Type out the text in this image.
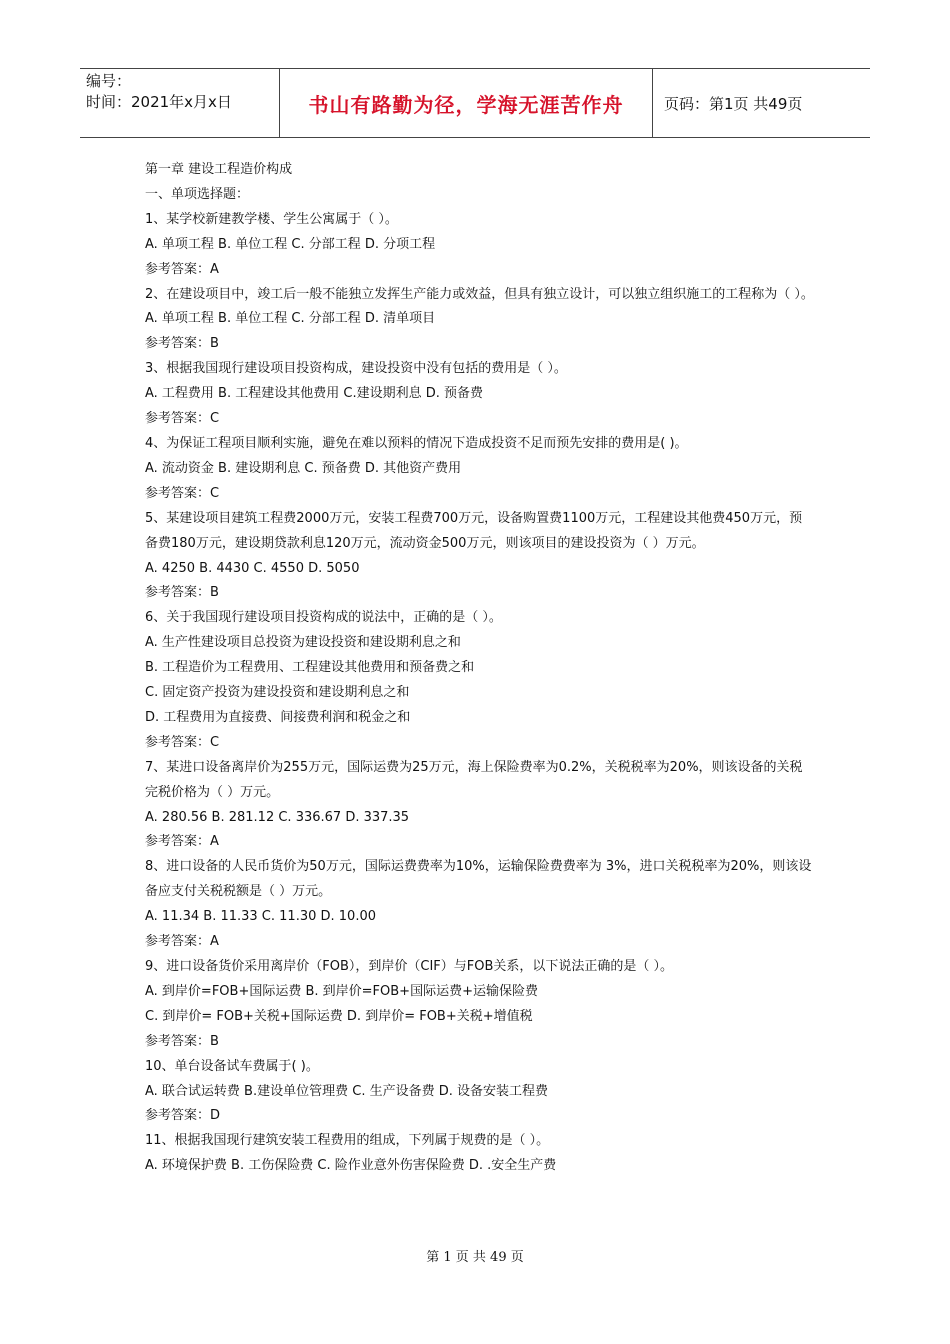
编号：
时间：2021年x月x日	书山有路勤为径，学海无涯苦作舟	页码：第1页 共49页
第一章 建设工程造价构成
一、单项选择题：
1、某学校新建教学楼、学生公寓属于（ ）。
A. 单项工程 B. 单位工程 C. 分部工程 D. 分项工程
参考答案：A
2、在建设项目中，竣工后一般不能独立发挥生产能力或效益，但具有独立设计，可以独立组织施工的工程称为（ ）。
A. 单项工程 B. 单位工程 C. 分部工程 D. 清单项目
参考答案：B
3、根据我国现行建设项目投资构成，建设投资中没有包括的费用是（ ）。
A. 工程费用 B. 工程建设其他费用 C.建设期利息 D. 预备费
参考答案：C
4、为保证工程项目顺利实施，避免在难以预料的情况下造成投资不足而预先安排的费用是( )。
A. 流动资金 B. 建设期利息 C. 预备费 D. 其他资产费用
参考答案：C
5、某建设项目建筑工程费2000万元，安装工程费700万元，设备购置费1100万元，工程建设其他费450万元，预备费180万元，建设期贷款利息120万元，流动资金500万元，则该项目的建设投资为（ ）万元。
A. 4250 B. 4430 C. 4550 D. 5050
参考答案：B
6、关于我国现行建设项目投资构成的说法中，正确的是（ ）。
A. 生产性建设项目总投资为建设投资和建设期利息之和
B. 工程造价为工程费用、工程建设其他费用和预备费之和
C. 固定资产投资为建设投资和建设期利息之和
D. 工程费用为直接费、间接费利润和税金之和
参考答案：C
7、某进口设备离岸价为255万元，国际运费为25万元，海上保险费率为0.2%，关税税率为20%，则该设备的关税完税价格为（ ）万元。
A. 280.56 B. 281.12 C. 336.67 D. 337.35
参考答案：A
8、进口设备的人民币货价为50万元，国际运费费率为10%，运输保险费费率为 3%，进口关税税率为20%，则该设备应支付关税税额是（ ）万元。
A. 11.34 B. 11.33 C. 11.30 D. 10.00
参考答案：A
9、进口设备货价采用离岸价（FOB），到岸价（CIF）与FOB关系，以下说法正确的是（ ）。
A. 到岸价=FOB+国际运费 B. 到岸价=FOB+国际运费+运输保险费
C. 到岸价= FOB+关税+国际运费 D. 到岸价= FOB+关税+增值税
参考答案：B
10、单台设备试车费属于( )。
A. 联合试运转费 B.建设单位管理费 C. 生产设备费 D. 设备安装工程费
参考答案：D
11、根据我国现行建筑安装工程费用的组成，下列属于规费的是（ ）。
A. 环境保护费 B. 工伤保险费 C. 险作业意外伤害保险费 D. .安全生产费
第 1 页 共 49 页
